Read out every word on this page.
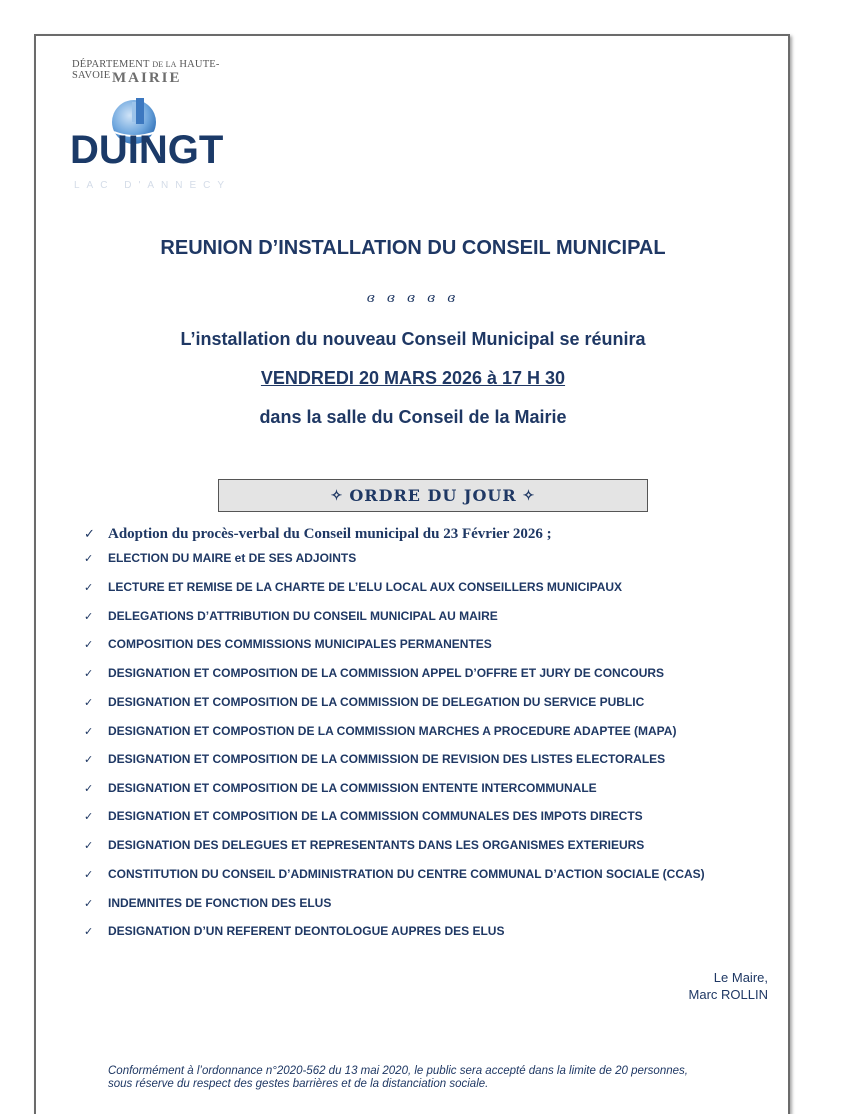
DÉPARTEMENT DE LA HAUTE-SAVOIE MAIRIE
DUINGT
LAC D'ANNECY
REUNION D’INSTALLATION DU CONSEIL MUNICIPAL
ɞ ɞ ɞ ɞ ɞ
L’installation du nouveau Conseil Municipal se réunira
VENDREDI 20 MARS 2026 à 17 H 30
dans la salle du Conseil de la Mairie
✧ ORDRE DU JOUR ✧
✓ Adoption du procès-verbal du Conseil municipal du 23 Février 2026 ;
✓	ELECTION DU MAIRE et DE SES ADJOINTS
✓	LECTURE ET REMISE DE LA CHARTE DE L’ELU LOCAL AUX CONSEILLERS MUNICIPAUX
✓	DELEGATIONS D’ATTRIBUTION DU CONSEIL MUNICIPAL AU MAIRE
✓	COMPOSITION DES COMMISSIONS MUNICIPALES PERMANENTES
✓	DESIGNATION ET COMPOSITION DE LA COMMISSION APPEL D’OFFRE ET JURY DE CONCOURS
✓	DESIGNATION ET COMPOSITION DE LA COMMISSION DE DELEGATION DU SERVICE PUBLIC
✓	DESIGNATION ET COMPOSTION DE LA COMMISSION MARCHES A PROCEDURE ADAPTEE (MAPA)
✓	DESIGNATION ET COMPOSITION DE LA COMMISSION DE REVISION DES LISTES ELECTORALES
✓	DESIGNATION ET COMPOSITION DE LA COMMISSION ENTENTE INTERCOMMUNALE
✓	DESIGNATION ET COMPOSITION DE LA COMMISSION COMMUNALES DES IMPOTS DIRECTS
✓	DESIGNATION DES DELEGUES ET REPRESENTANTS DANS LES ORGANISMES EXTERIEURS
✓	CONSTITUTION DU CONSEIL D’ADMINISTRATION DU CENTRE COMMUNAL D’ACTION SOCIALE (CCAS)
✓	INDEMNITES DE FONCTION DES ELUS
✓	DESIGNATION D’UN REFERENT DEONTOLOGUE AUPRES DES ELUS
Le Maire,
Marc ROLLIN
Conformément à l’ordonnance n°2020-562 du 13 mai 2020, le public sera accepté dans la limite de 20 personnes,
sous réserve du respect des gestes barrières et de la distanciation sociale.
